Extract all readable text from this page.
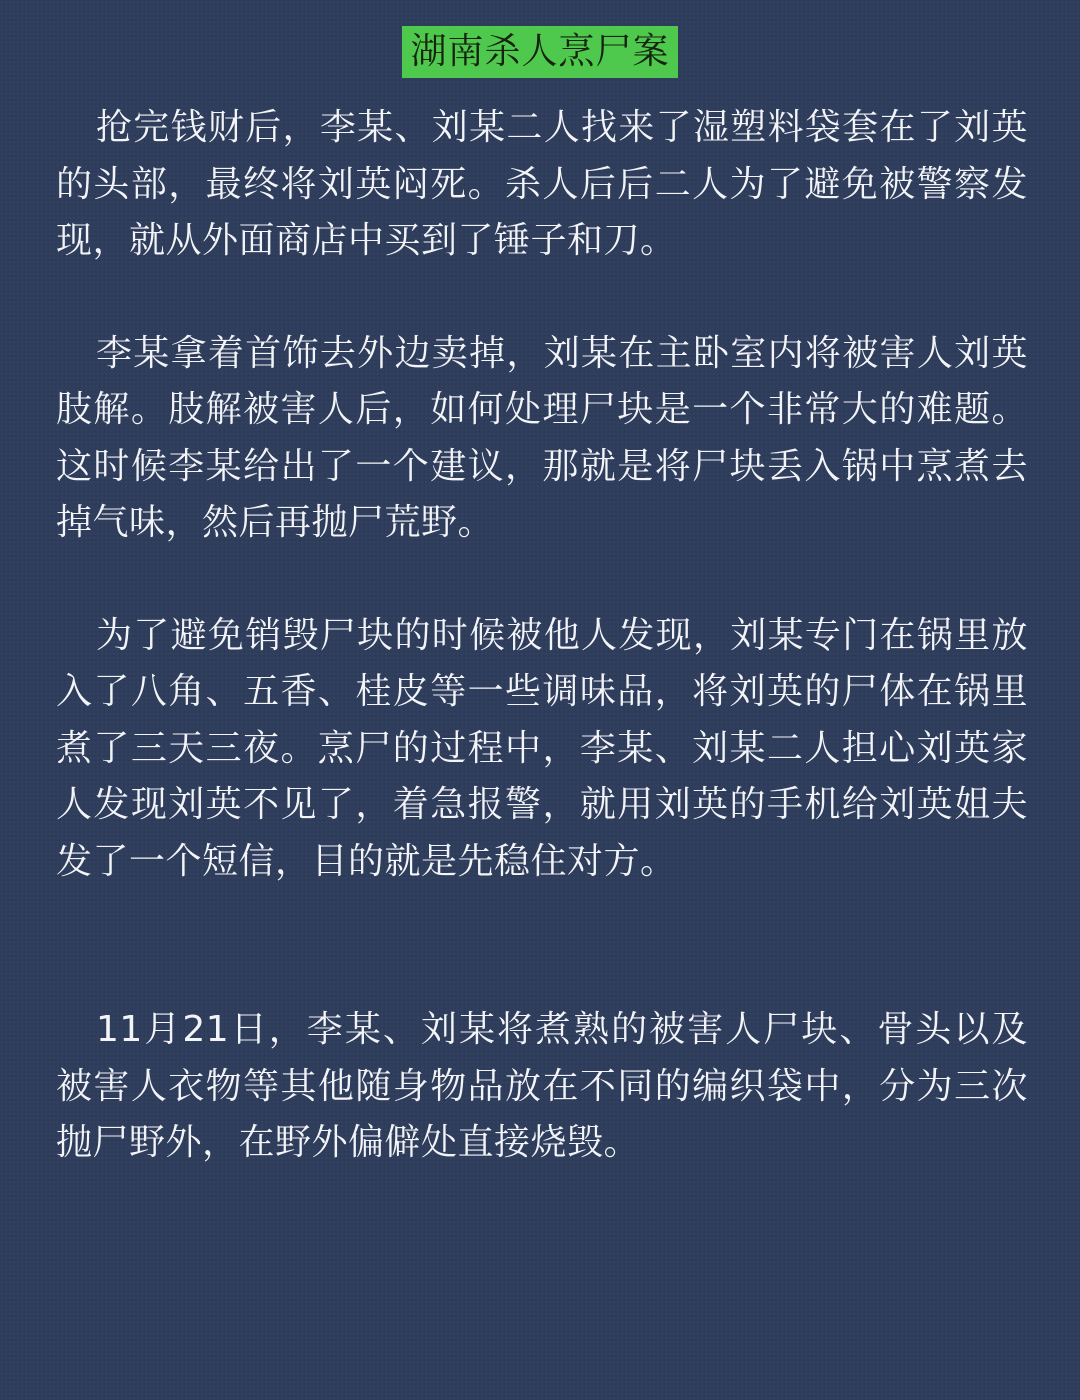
湖南杀人烹尸案

抢完钱财后，李某、刘某二人找来了湿塑料袋套在了刘英的头部，最终将刘英闷死。杀人后后二人为了避免被警察发现，就从外面商店中买到了锤子和刀。

李某拿着首饰去外边卖掉，刘某在主卧室内将被害人刘英肢解。肢解被害人后，如何处理尸块是一个非常大的难题。这时候李某给出了一个建议，那就是将尸块丢入锅中烹煮去掉气味，然后再抛尸荒野。

为了避免销毁尸块的时候被他人发现，刘某专门在锅里放入了八角、五香、桂皮等一些调味品，将刘英的尸体在锅里煮了三天三夜。烹尸的过程中，李某、刘某二人担心刘英家人发现刘英不见了，着急报警，就用刘英的手机给刘英姐夫发了一个短信，目的就是先稳住对方。

11月21日，李某、刘某将煮熟的被害人尸块、骨头以及被害人衣物等其他随身物品放在不同的编织袋中，分为三次抛尸野外，在野外偏僻处直接烧毁。
